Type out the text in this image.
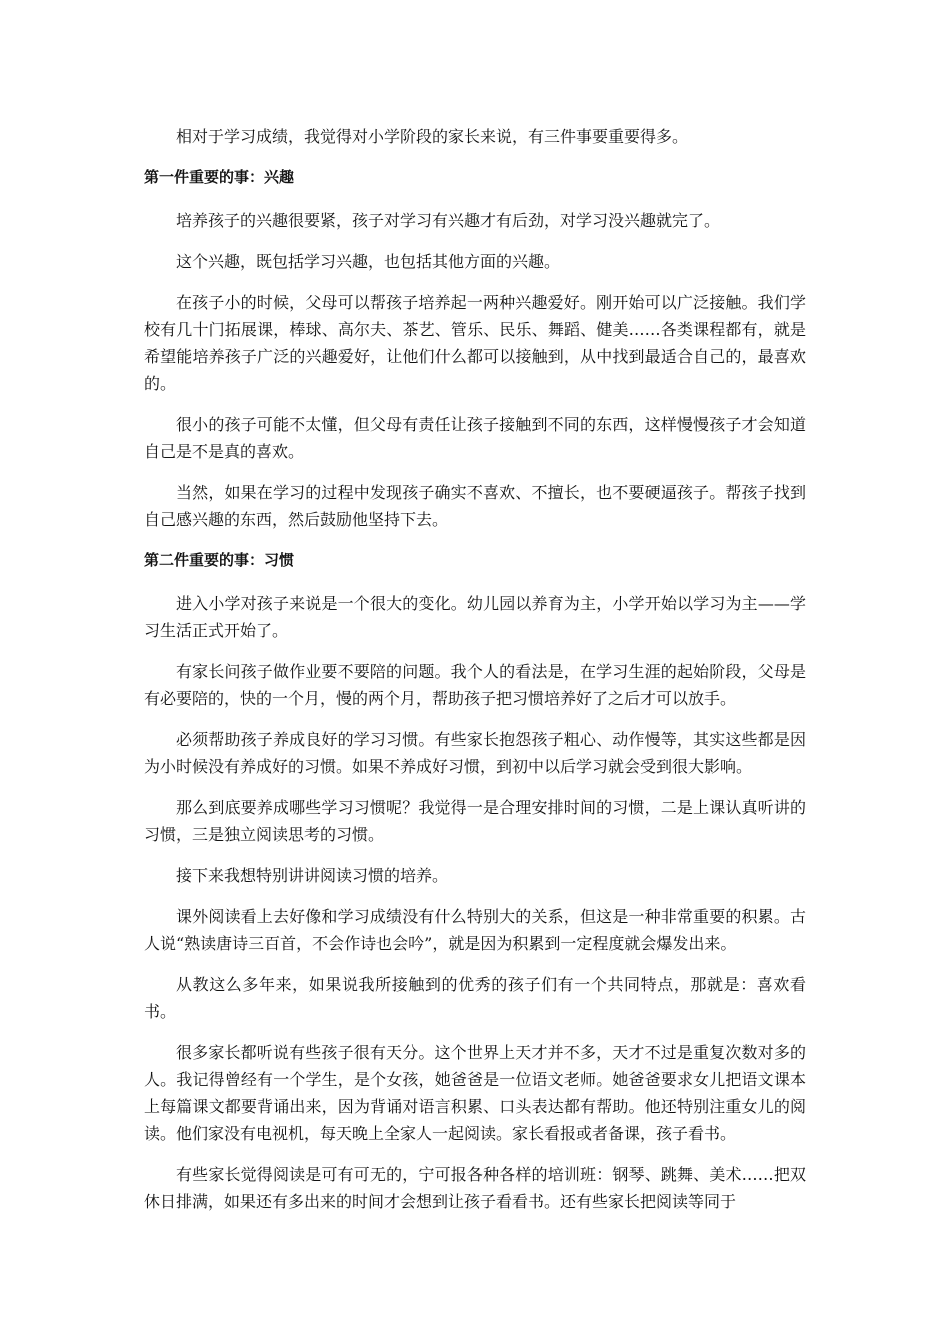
相对于学习成绩，我觉得对小学阶段的家长来说，有三件事要重要得多。

第一件重要的事：兴趣

培养孩子的兴趣很要紧，孩子对学习有兴趣才有后劲，对学习没兴趣就完了。

这个兴趣，既包括学习兴趣，也包括其他方面的兴趣。

在孩子小的时候，父母可以帮孩子培养起一两种兴趣爱好。刚开始可以广泛接触。我们学校有几十门拓展课，棒球、高尔夫、茶艺、管乐、民乐、舞蹈、健美……各类课程都有，就是希望能培养孩子广泛的兴趣爱好，让他们什么都可以接触到，从中找到最适合自己的，最喜欢的。

很小的孩子可能不太懂，但父母有责任让孩子接触到不同的东西，这样慢慢孩子才会知道自己是不是真的喜欢。

当然，如果在学习的过程中发现孩子确实不喜欢、不擅长，也不要硬逼孩子。帮孩子找到自己感兴趣的东西，然后鼓励他坚持下去。

第二件重要的事：习惯

进入小学对孩子来说是一个很大的变化。幼儿园以养育为主，小学开始以学习为主——学习生活正式开始了。

有家长问孩子做作业要不要陪的问题。我个人的看法是，在学习生涯的起始阶段，父母是有必要陪的，快的一个月，慢的两个月，帮助孩子把习惯培养好了之后才可以放手。

必须帮助孩子养成良好的学习习惯。有些家长抱怨孩子粗心、动作慢等，其实这些都是因为小时候没有养成好的习惯。如果不养成好习惯，到初中以后学习就会受到很大影响。

那么到底要养成哪些学习习惯呢？我觉得一是合理安排时间的习惯，二是上课认真听讲的习惯，三是独立阅读思考的习惯。

接下来我想特别讲讲阅读习惯的培养。

课外阅读看上去好像和学习成绩没有什么特别大的关系，但这是一种非常重要的积累。古人说“熟读唐诗三百首，不会作诗也会吟”，就是因为积累到一定程度就会爆发出来。

从教这么多年来，如果说我所接触到的优秀的孩子们有一个共同特点，那就是：喜欢看书。

很多家长都听说有些孩子很有天分。这个世界上天才并不多，天才不过是重复次数对多的人。我记得曾经有一个学生，是个女孩，她爸爸是一位语文老师。她爸爸要求女儿把语文课本上每篇课文都要背诵出来，因为背诵对语言积累、口头表达都有帮助。他还特别注重女儿的阅读。他们家没有电视机，每天晚上全家人一起阅读。家长看报或者备课，孩子看书。

有些家长觉得阅读是可有可无的，宁可报各种各样的培训班：钢琴、跳舞、美术……把双休日排满，如果还有多出来的时间才会想到让孩子看看书。还有些家长把阅读等同于
